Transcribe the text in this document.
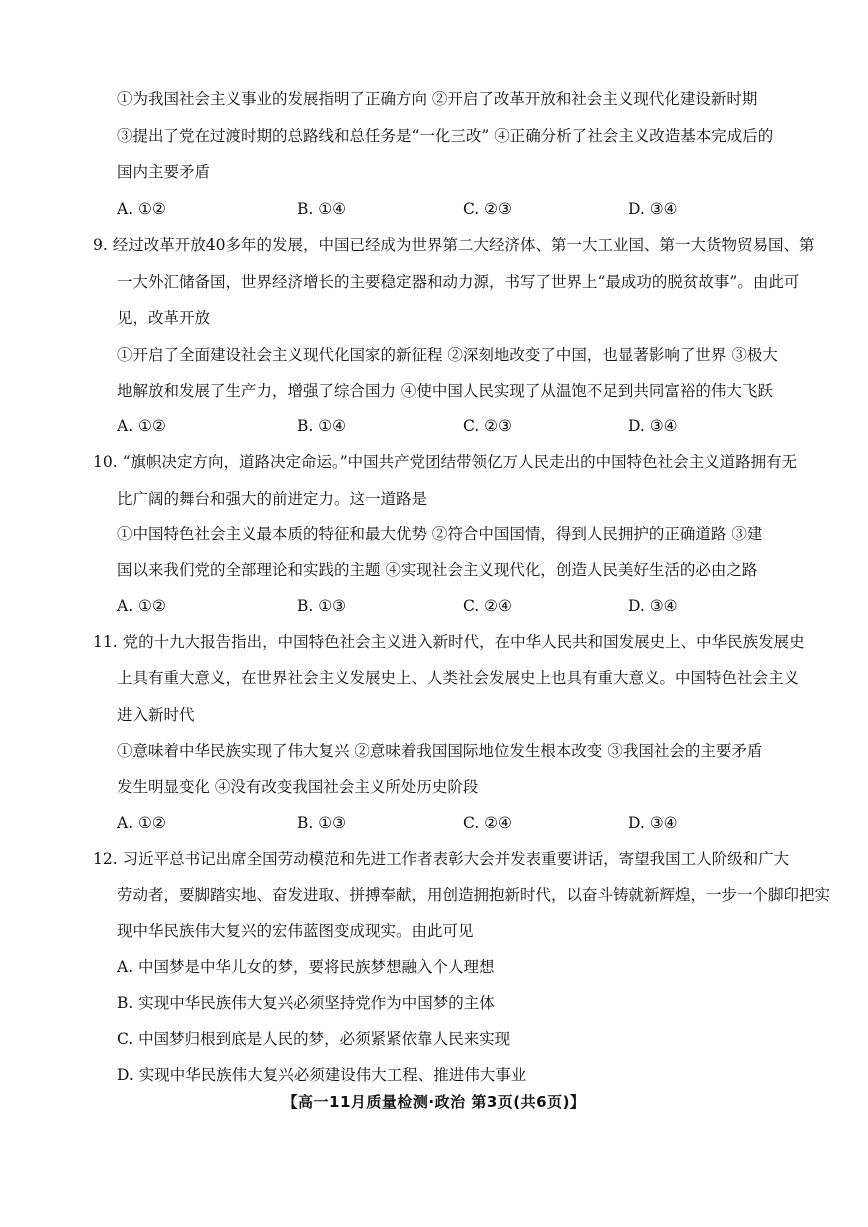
①为我国社会主义事业的发展指明了正确方向 ②开启了改革开放和社会主义现代化建设新时期
③提出了党在过渡时期的总路线和总任务是“一化三改” ④正确分析了社会主义改造基本完成后的
国内主要矛盾
A. ①②	B. ①④	C. ②③	D. ③④
9. 经过改革开放40多年的发展，中国已经成为世界第二大经济体、第一大工业国、第一大货物贸易国、第
一大外汇储备国，世界经济增长的主要稳定器和动力源，书写了世界上“最成功的脱贫故事”。由此可
见，改革开放
①开启了全面建设社会主义现代化国家的新征程 ②深刻地改变了中国，也显著影响了世界 ③极大
地解放和发展了生产力，增强了综合国力 ④使中国人民实现了从温饱不足到共同富裕的伟大飞跃
A. ①②	B. ①④	C. ②③	D. ③④
10. “旗帜决定方向，道路决定命运。”中国共产党团结带领亿万人民走出的中国特色社会主义道路拥有无
比广阔的舞台和强大的前进定力。这一道路是
①中国特色社会主义最本质的特征和最大优势 ②符合中国国情，得到人民拥护的正确道路 ③建
国以来我们党的全部理论和实践的主题 ④实现社会主义现代化，创造人民美好生活的必由之路
A. ①②	B. ①③	C. ②④	D. ③④
11. 党的十九大报告指出，中国特色社会主义进入新时代，在中华人民共和国发展史上、中华民族发展史
上具有重大意义，在世界社会主义发展史上、人类社会发展史上也具有重大意义。中国特色社会主义
进入新时代
①意味着中华民族实现了伟大复兴 ②意味着我国国际地位发生根本改变 ③我国社会的主要矛盾
发生明显变化 ④没有改变我国社会主义所处历史阶段
A. ①②	B. ①③	C. ②④	D. ③④
12. 习近平总书记出席全国劳动模范和先进工作者表彰大会并发表重要讲话，寄望我国工人阶级和广大
劳动者，要脚踏实地、奋发进取、拼搏奉献，用创造拥抱新时代，以奋斗铸就新辉煌，一步一个脚印把实
现中华民族伟大复兴的宏伟蓝图变成现实。由此可见
A. 中国梦是中华儿女的梦，要将民族梦想融入个人理想
B. 实现中华民族伟大复兴必须坚持党作为中国梦的主体
C. 中国梦归根到底是人民的梦，必须紧紧依靠人民来实现
D. 实现中华民族伟大复兴必须建设伟大工程、推进伟大事业
【高一11月质量检测·政治 第3页(共6页)】
